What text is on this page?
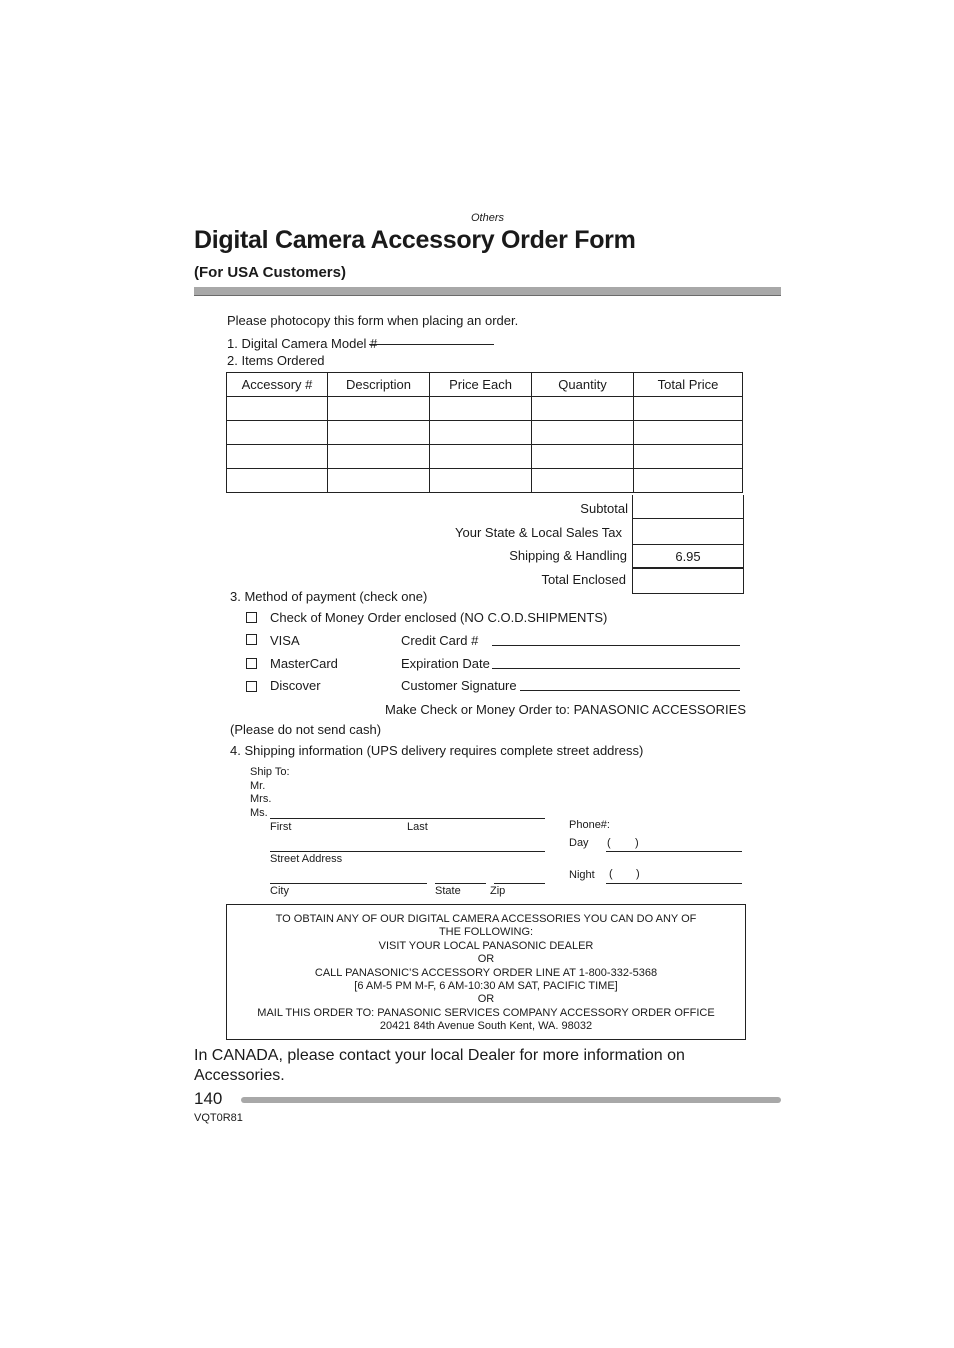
Others
Digital Camera Accessory Order Form
(For USA Customers)
Please photocopy this form when placing an order.
1. Digital Camera Model #
2. Items Ordered
Accessory #	Description	Price Each	Quantity	Total Price

Subtotal
Your State & Local Sales Tax
Shipping & Handling	6.95
Total Enclosed
3. Method of payment (check one)
Check of Money Order enclosed (NO C.O.D.SHIPMENTS)
VISA	Credit Card #
MasterCard	Expiration Date
Discover	Customer Signature
Make Check or Money Order to: PANASONIC ACCESSORIES
(Please do not send cash)
4. Shipping information (UPS delivery requires complete street address)
Ship To:
Mr.
Mrs.
Ms.
First	Last
Street Address
City	State	Zip
Phone#:
Day ( )
Night ( )
TO OBTAIN ANY OF OUR DIGITAL CAMERA ACCESSORIES YOU CAN DO ANY OF
THE FOLLOWING:
VISIT YOUR LOCAL PANASONIC DEALER
OR
CALL PANASONIC’S ACCESSORY ORDER LINE AT 1-800-332-5368
[6 AM-5 PM M-F, 6 AM-10:30 AM SAT, PACIFIC TIME]
OR
MAIL THIS ORDER TO: PANASONIC SERVICES COMPANY ACCESSORY ORDER OFFICE
20421 84th Avenue South Kent, WA. 98032
In CANADA, please contact your local Dealer for more information on Accessories.
140
VQT0R81
